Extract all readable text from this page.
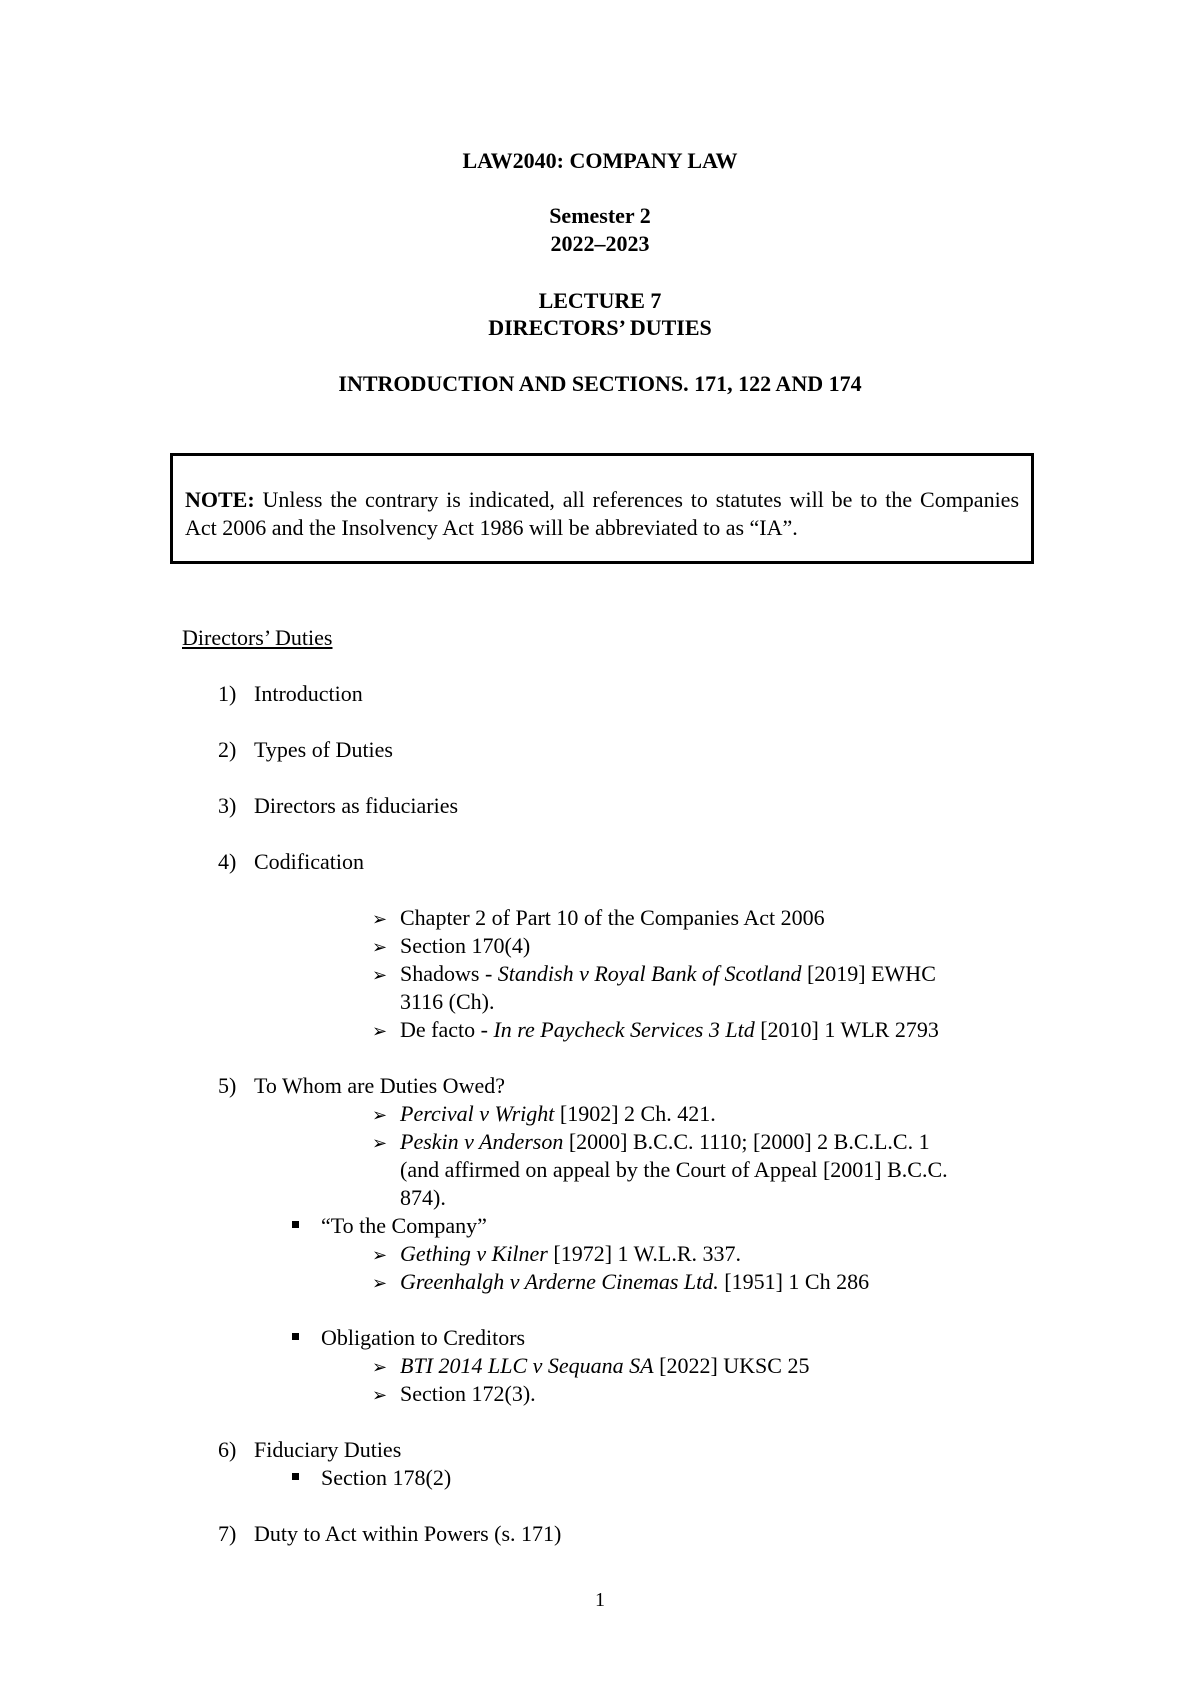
LAW2040: COMPANY LAW
Semester 2
2022–2023
LECTURE 7
DIRECTORS’ DUTIES
INTRODUCTION AND SECTIONS. 171, 122 AND 174
NOTE: Unless the contrary is indicated, all references to statutes will be to the Companies Act 2006 and the Insolvency Act 1986 will be abbreviated to as “IA”.
Directors’ Duties
1) Introduction
2) Types of Duties
3) Directors as fiduciaries
4) Codification
➢ Chapter 2 of Part 10 of the Companies Act 2006
➢ Section 170(4)
➢ Shadows - Standish v Royal Bank of Scotland [2019] EWHC
3116 (Ch).
➢ De facto - In re Paycheck Services 3 Ltd [2010] 1 WLR 2793
5) To Whom are Duties Owed?
➢ Percival v Wright [1902] 2 Ch. 421.
➢ Peskin v Anderson [2000] B.C.C. 1110; [2000] 2 B.C.L.C. 1
(and affirmed on appeal by the Court of Appeal [2001] B.C.C.
874).
“To the Company”
➢ Gething v Kilner [1972] 1 W.L.R. 337.
➢ Greenhalgh v Arderne Cinemas Ltd. [1951] 1 Ch 286
Obligation to Creditors
➢ BTI 2014 LLC v Sequana SA [2022] UKSC 25
➢ Section 172(3).
6) Fiduciary Duties
Section 178(2)
7) Duty to Act within Powers (s. 171)
1
